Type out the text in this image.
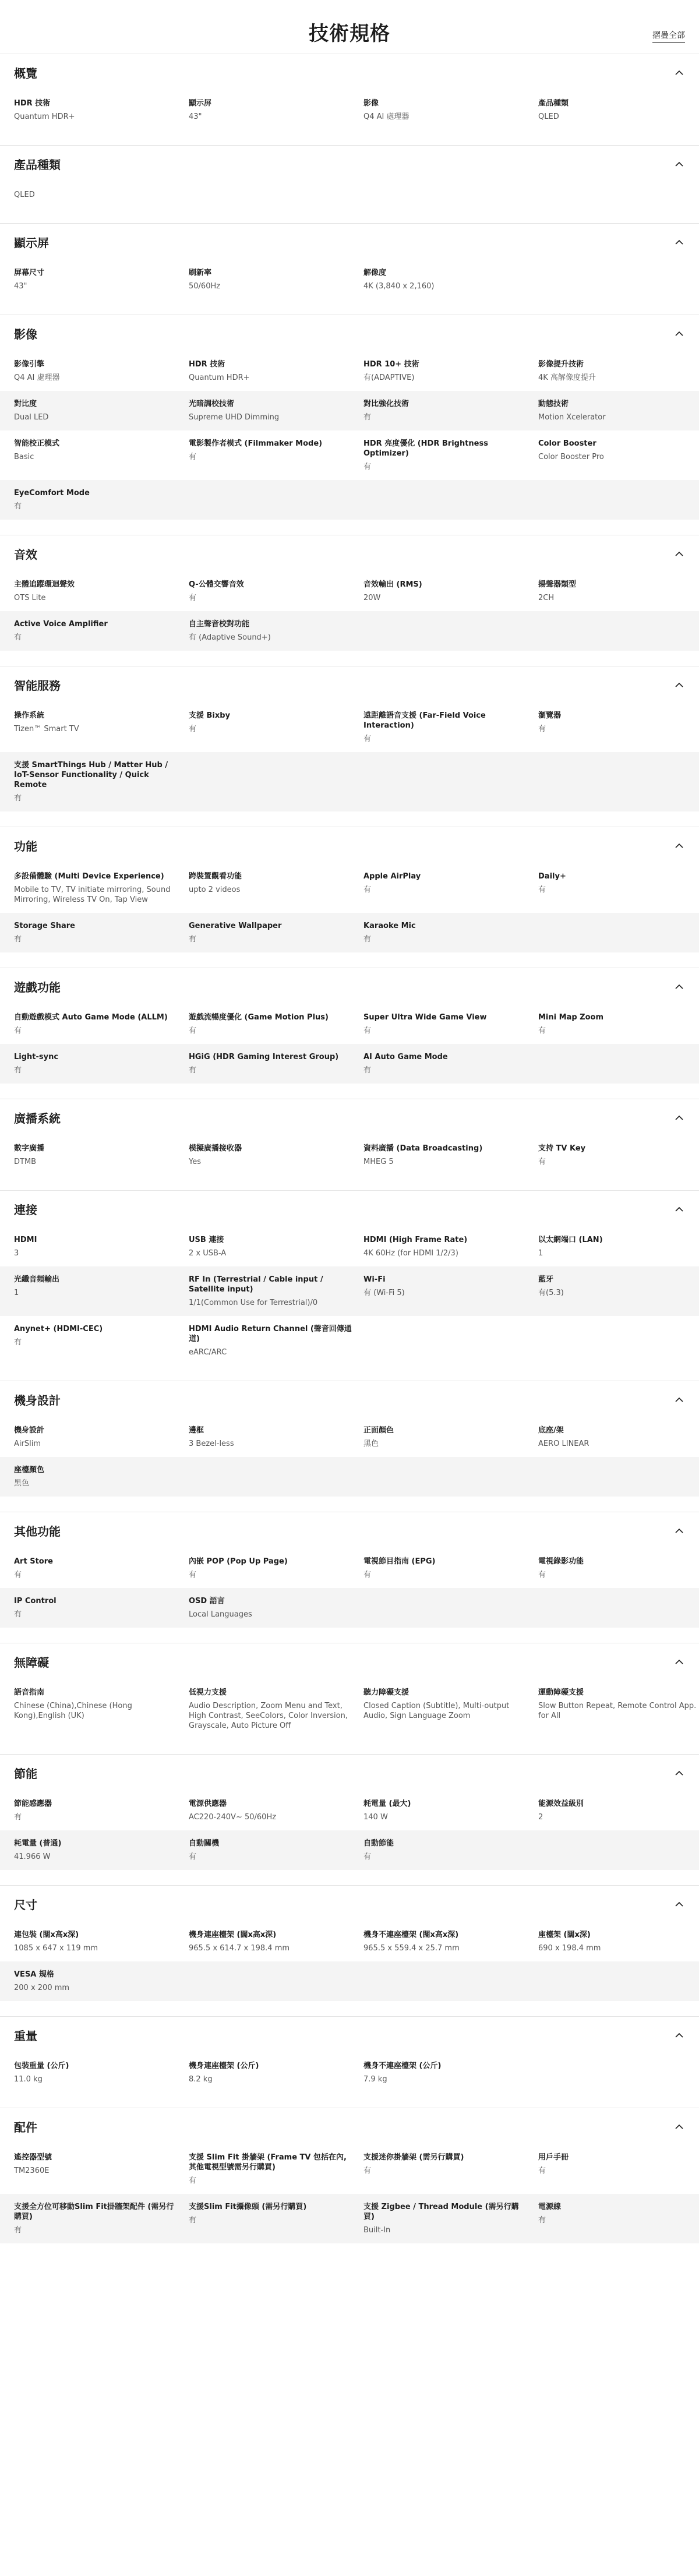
技術規格	摺疊全部
概覽
HDR 技術
Quantum HDR+
顯示屏
43"
影像
Q4 AI 處理器
產品種類
QLED
產品種類
QLED
顯示屏
屏幕尺寸
43"
刷新率
50/60Hz
解像度
4K (3,840 x 2,160)
影像
影像引擎
Q4 AI 處理器
HDR 技術
Quantum HDR+
HDR 10+ 技術
有(ADAPTIVE)
影像提升技術
4K 高解像度提升
對比度
Dual LED
光暗調校技術
Supreme UHD Dimming
對比強化技術
有
動態技術
Motion Xcelerator
智能校正模式
Basic
電影製作者模式 (Filmmaker Mode)
有
HDR 亮度優化 (HDR Brightness Optimizer)
有
Color Booster
Color Booster Pro
EyeComfort Mode
有
音效
主體追蹤環迴聲效
OTS Lite
Q-公體交響音效
有
音效輸出 (RMS)
20W
揚聲器類型
2CH
Active Voice Amplifier
有
自主聲音校對功能
有 (Adaptive Sound+)
智能服務
操作系統
Tizen™ Smart TV
支援 Bixby
有
遠距離語音支援 (Far-Field Voice Interaction)
有
瀏覽器
有
支援 SmartThings Hub / Matter Hub / IoT-Sensor Functionality / Quick Remote
有
功能
多設備體驗 (Multi Device Experience)
Mobile to TV, TV initiate mirroring, Sound Mirroring, Wireless TV On, Tap View
跨裝置觀看功能
upto 2 videos
Apple AirPlay
有
Daily+
有
Storage Share
有
Generative Wallpaper
有
Karaoke Mic
有
遊戲功能
自動遊戲模式 Auto Game Mode (ALLM)
有
遊戲流暢度優化 (Game Motion Plus)
有
Super Ultra Wide Game View
有
Mini Map Zoom
有
Light-sync
有
HGiG (HDR Gaming Interest Group)
有
AI Auto Game Mode
有
廣播系統
數字廣播
DTMB
模擬廣播接收器
Yes
資料廣播 (Data Broadcasting)
MHEG 5
支持 TV Key
有
連接
HDMI
3
USB 連接
2 x USB-A
HDMI (High Frame Rate)
4K 60Hz (for HDMI 1/2/3)
以太網端口 (LAN)
1
光纖音頻輸出
1
RF In (Terrestrial / Cable input / Satellite input)
1/1(Common Use for Terrestrial)/0
Wi-Fi
有 (Wi-Fi 5)
藍牙
有(5.3)
Anynet+ (HDMI-CEC)
有
HDMI Audio Return Channel (聲音回傳通道)
eARC/ARC
機身設計
機身設計
AirSlim
邊框
3 Bezel-less
正面顏色
黑色
底座/架
AERO LINEAR
座檯顏色
黑色
其他功能
Art Store
有
內嵌 POP (Pop Up Page)
有
電視節目指南 (EPG)
有
電視錄影功能
有
IP Control
有
OSD 語言
Local Languages
無障礙
語音指南
Chinese (China),Chinese (Hong Kong),English (UK)
低視力支援
Audio Description, Zoom Menu and Text, High Contrast, SeeColors, Color Inversion, Grayscale, Auto Picture Off
聽力障礙支援
Closed Caption (Subtitle), Multi-output Audio, Sign Language Zoom
運動障礙支援
Slow Button Repeat, Remote Control App. for All
節能
節能感應器
有
電源供應器
AC220-240V~ 50/60Hz
耗電量 (最大)
140 W
能源效益級別
2
耗電量 (普通)
41.966 W
自動關機
有
自動節能
有
尺寸
連包裝 (闊x高x深)
1085 x 647 x 119 mm
機身連座檯架 (闊x高x深)
965.5 x 614.7 x 198.4 mm
機身不連座檯架 (闊x高x深)
965.5 x 559.4 x 25.7 mm
座檯架 (闊x深)
690 x 198.4 mm
VESA 規格
200 x 200 mm
重量
包裝重量 (公斤)
11.0 kg
機身連座檯架 (公斤)
8.2 kg
機身不連座檯架 (公斤)
7.9 kg
配件
遙控器型號
TM2360E
支援 Slim Fit 掛牆架 (Frame TV 包括在內, 其他電視型號需另行購買)
有
支援迷你掛牆架 (需另行購買)
有
用戶手冊
有
支援全方位可移動Slim Fit掛牆架配件 (需另行購買)
有
支援Slim Fit攝像頭 (需另行購買)
有
支援 Zigbee / Thread Module (需另行購買)
Built-In
電源線
有
